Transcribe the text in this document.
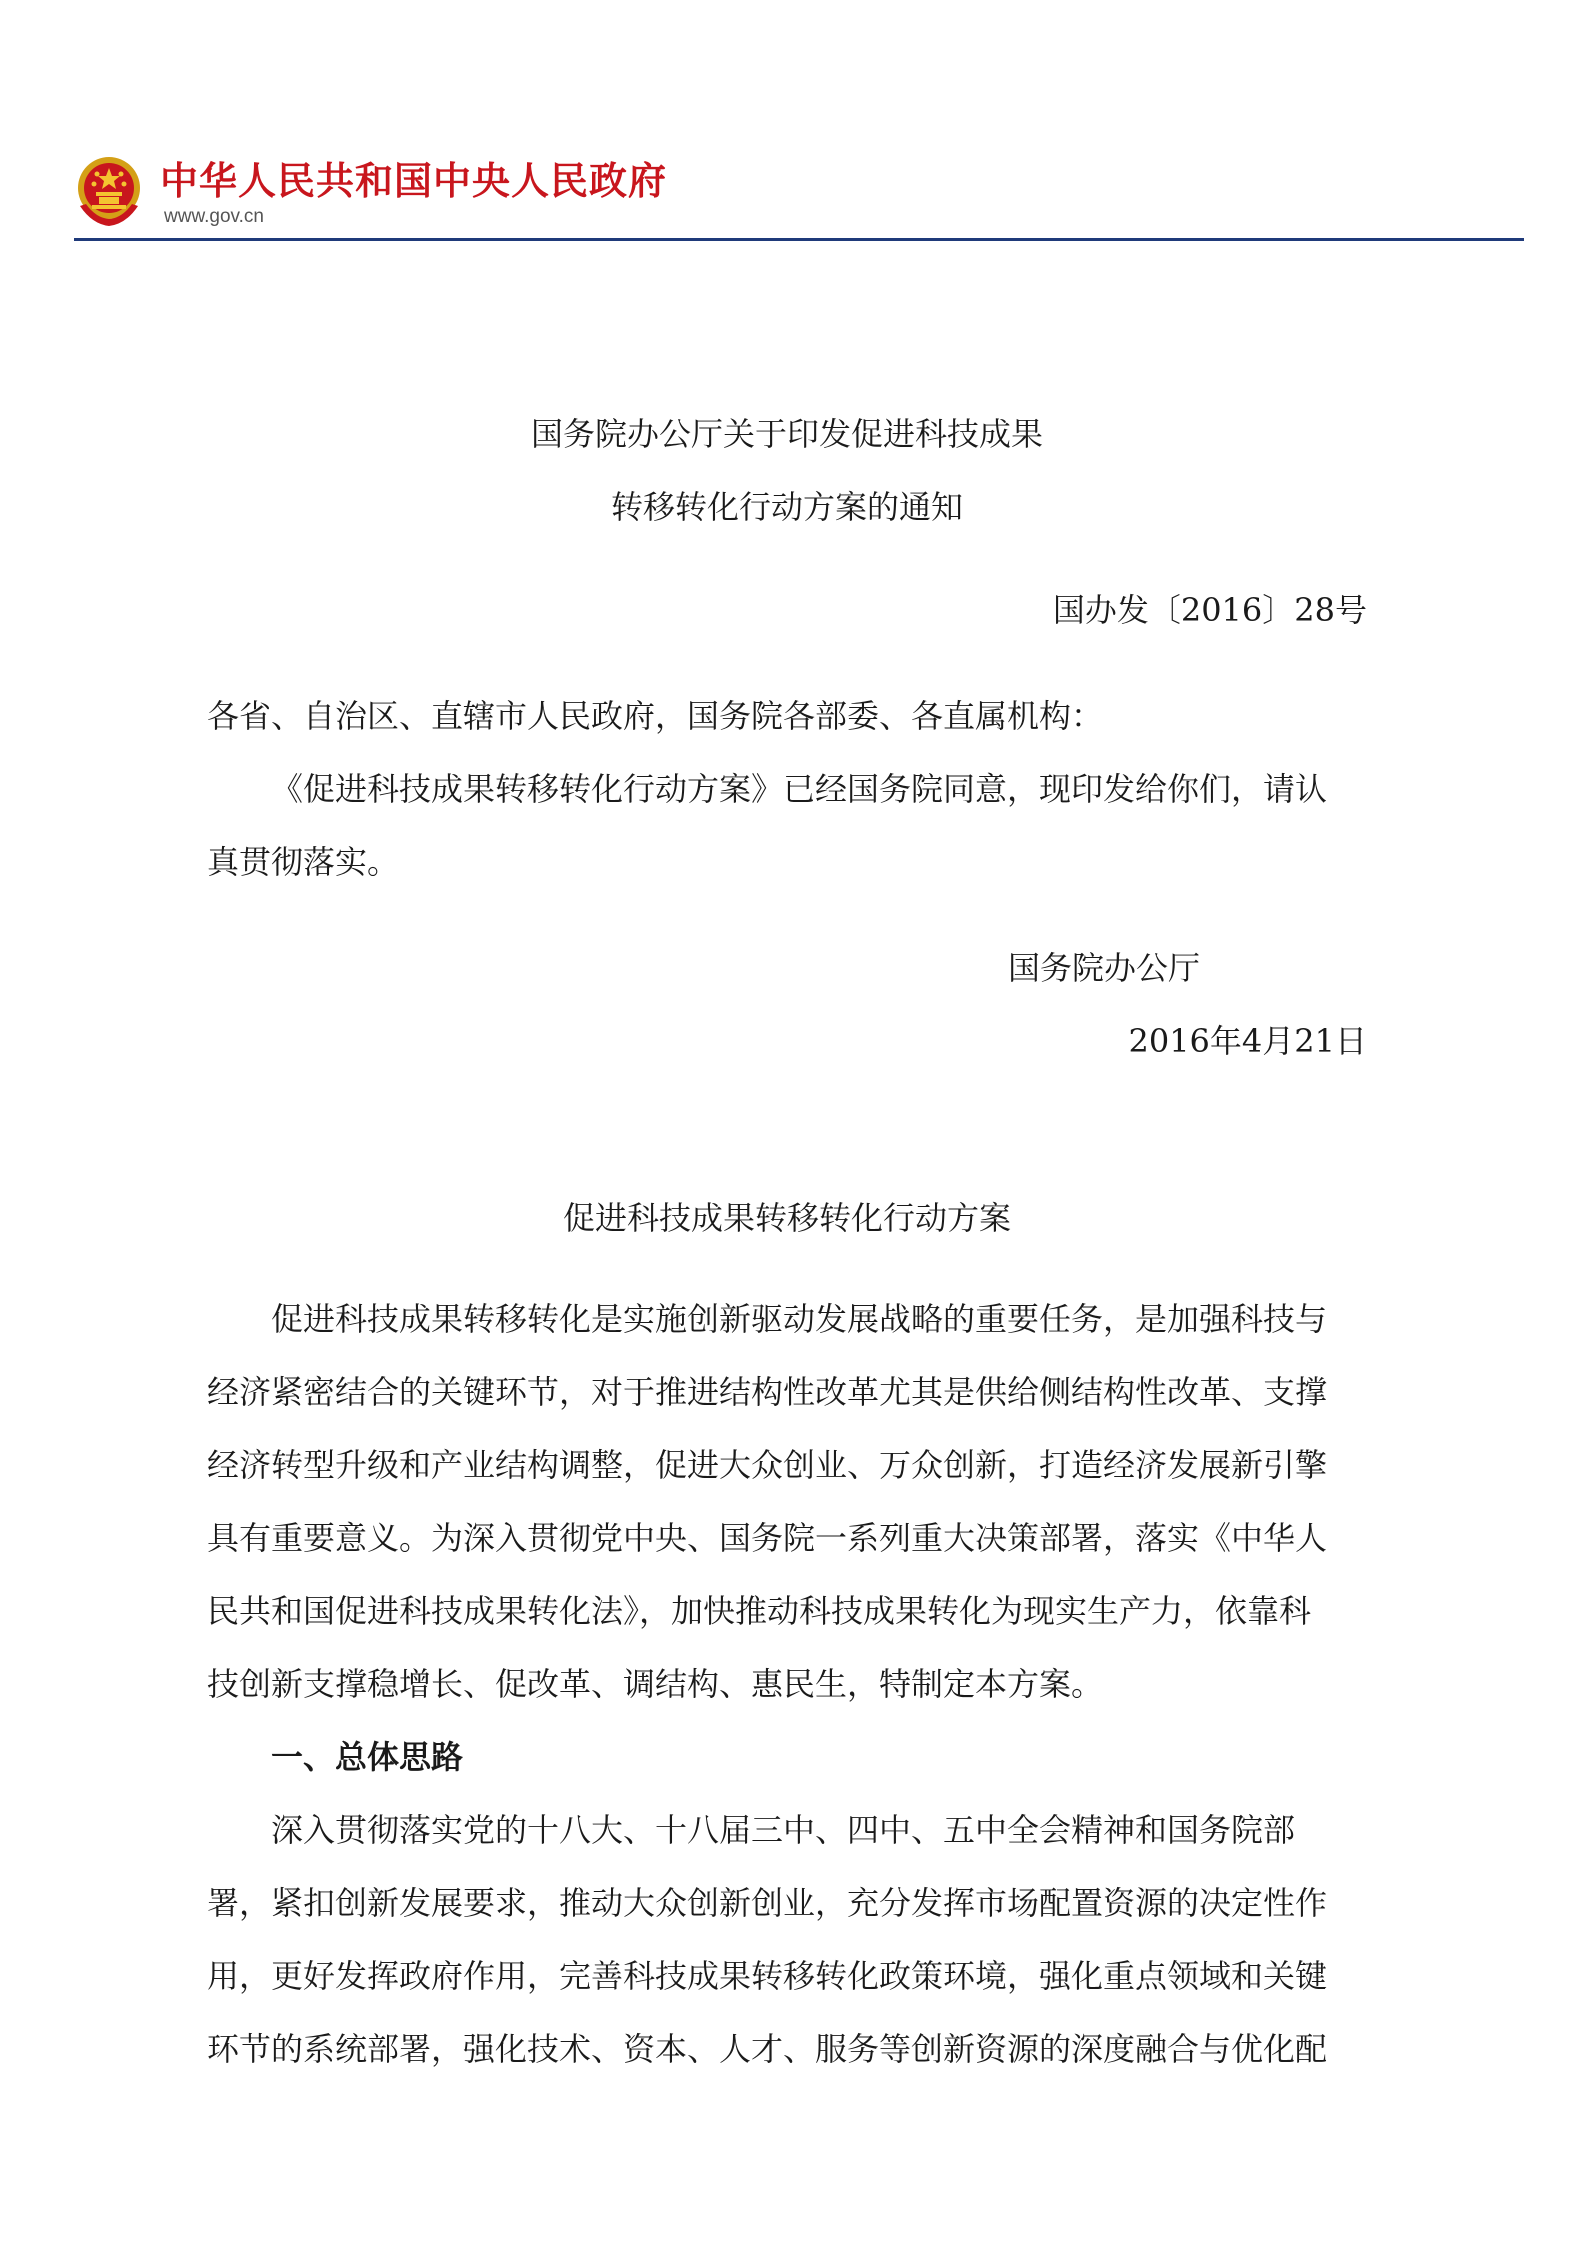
中华人民共和国中央人民政府
www.gov.cn
国务院办公厅关于印发促进科技成果
转移转化行动方案的通知
国办发〔2016〕28号
各省、自治区、直辖市人民政府，国务院各部委、各直属机构：
《促进科技成果转移转化行动方案》已经国务院同意，现印发给你们，请认
真贯彻落实。
国务院办公厅
2016年4月21日
促进科技成果转移转化行动方案
促进科技成果转移转化是实施创新驱动发展战略的重要任务，是加强科技与
经济紧密结合的关键环节，对于推进结构性改革尤其是供给侧结构性改革、支撑
经济转型升级和产业结构调整，促进大众创业、万众创新，打造经济发展新引擎
具有重要意义。为深入贯彻党中央、国务院一系列重大决策部署，落实《中华人
民共和国促进科技成果转化法》，加快推动科技成果转化为现实生产力，依靠科
技创新支撑稳增长、促改革、调结构、惠民生，特制定本方案。
一、总体思路
深入贯彻落实党的十八大、十八届三中、四中、五中全会精神和国务院部
署，紧扣创新发展要求，推动大众创新创业，充分发挥市场配置资源的决定性作
用，更好发挥政府作用，完善科技成果转移转化政策环境，强化重点领域和关键
环节的系统部署，强化技术、资本、人才、服务等创新资源的深度融合与优化配
